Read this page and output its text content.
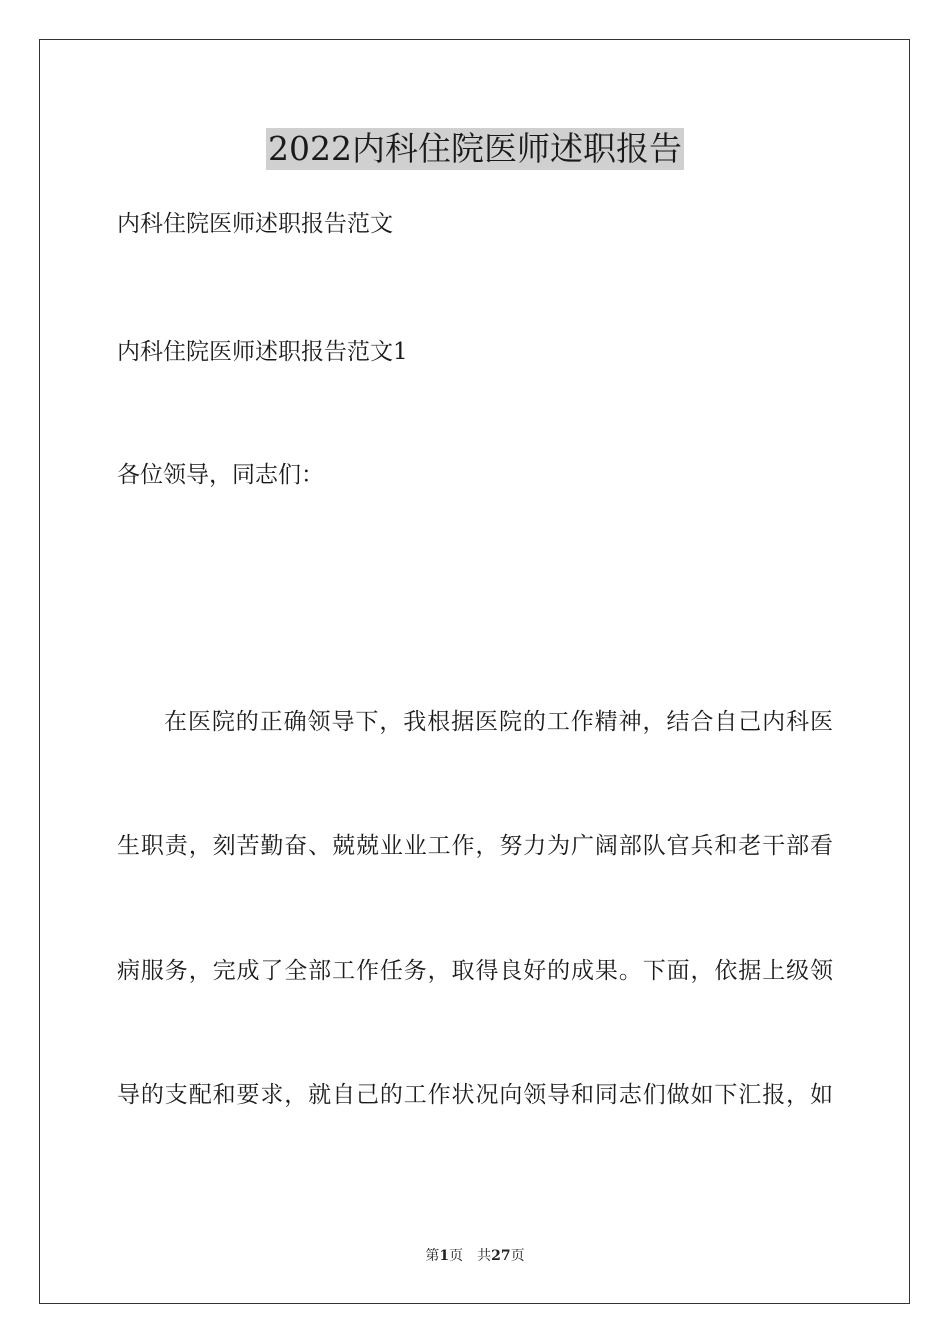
2022内科住院医师述职报告
内科住院医师述职报告范文
内科住院医师述职报告范文1
各位领导，同志们：
在医院的正确领导下，我根据医院的工作精神，结合自己内科医
生职责，刻苦勤奋、兢兢业业工作，努力为广阔部队官兵和老干部看
病服务，完成了全部工作任务，取得良好的成果。下面，依据上级领
导的支配和要求，就自己的工作状况向领导和同志们做如下汇报，如
第1页 共27页
